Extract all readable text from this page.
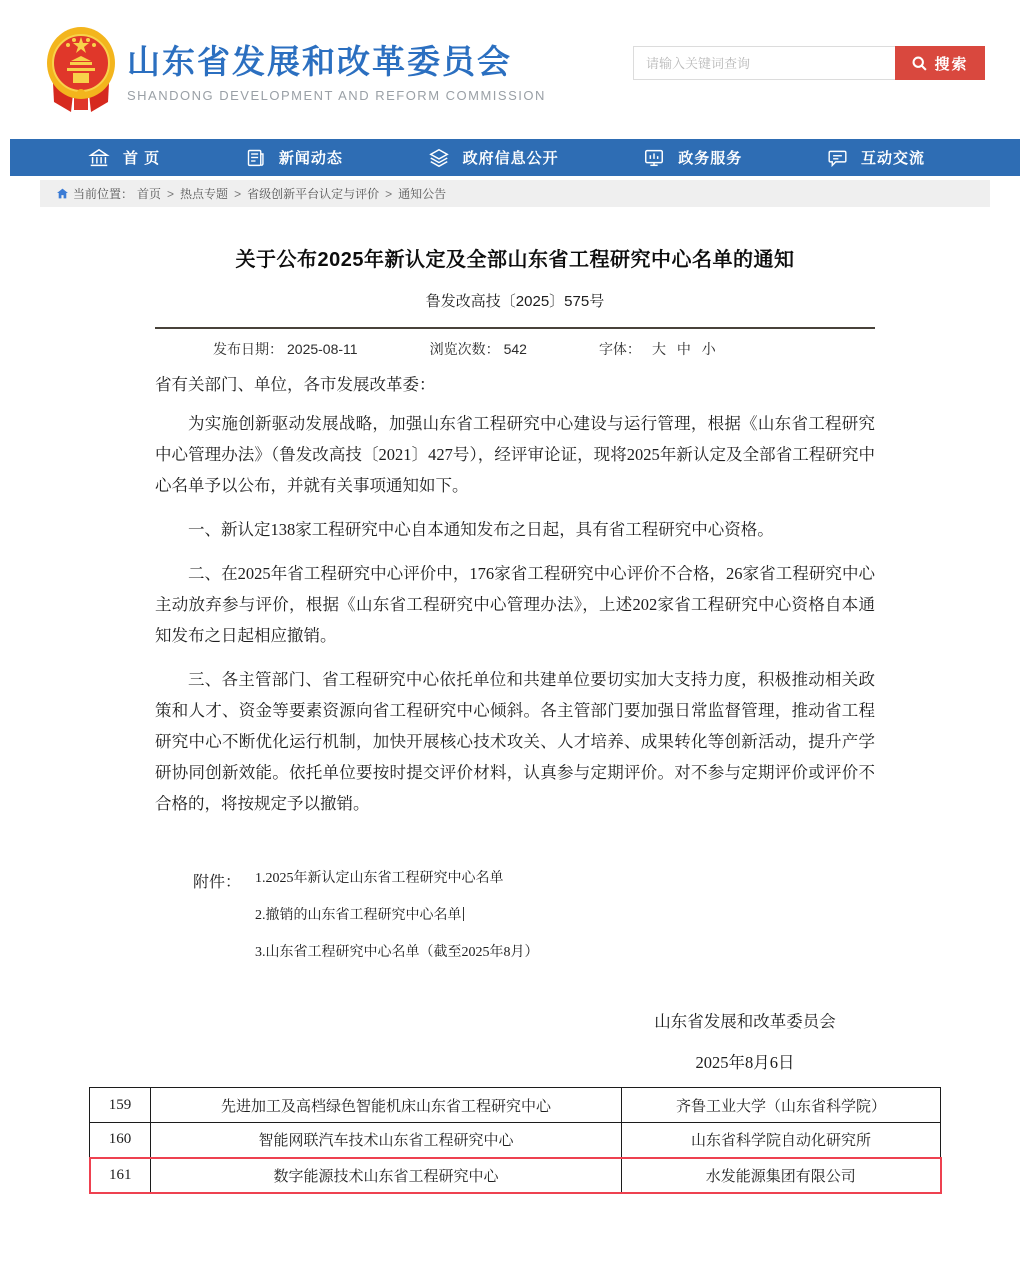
山东省发展和改革委员会
SHANDONG DEVELOPMENT AND REFORM COMMISSION
请输入关键词查询
搜索
首 页	新闻动态	政府信息公开	政务服务	互动交流
当前位置： 首页 > 热点专题 > 省级创新平台认定与评价 > 通知公告
关于公布2025年新认定及全部山东省工程研究中心名单的通知
鲁发改高技〔2025〕575号
发布日期： 2025-08-11	浏览次数： 542	字体： 大 中 小

省有关部门、单位，各市发展改革委：

为实施创新驱动发展战略，加强山东省工程研究中心建设与运行管理，根据《山东省工程研究中心管理办法》（鲁发改高技〔2021〕427号），经评审论证，现将2025年新认定及全部省工程研究中心名单予以公布，并就有关事项通知如下。

一、新认定138家工程研究中心自本通知发布之日起，具有省工程研究中心资格。

二、在2025年省工程研究中心评价中，176家省工程研究中心评价不合格，26家省工程研究中心主动放弃参与评价，根据《山东省工程研究中心管理办法》，上述202家省工程研究中心资格自本通知发布之日起相应撤销。

三、各主管部门、省工程研究中心依托单位和共建单位要切实加大支持力度，积极推动相关政策和人才、资金等要素资源向省工程研究中心倾斜。各主管部门要加强日常监督管理，推动省工程研究中心不断优化运行机制，加快开展核心技术攻关、人才培养、成果转化等创新活动，提升产学研协同创新效能。依托单位要按时提交评价材料，认真参与定期评价。对不参与定期评价或评价不合格的，将按规定予以撤销。

附件： 1.2025年新认定山东省工程研究中心名单
2.撤销的山东省工程研究中心名单
3.山东省工程研究中心名单（截至2025年8月）
山东省发展和改革委员会
2025年8月6日
159	先进加工及高档绿色智能机床山东省工程研究中心	齐鲁工业大学（山东省科学院）
160	智能网联汽车技术山东省工程研究中心	山东省科学院自动化研究所
161	数字能源技术山东省工程研究中心	水发能源集团有限公司
